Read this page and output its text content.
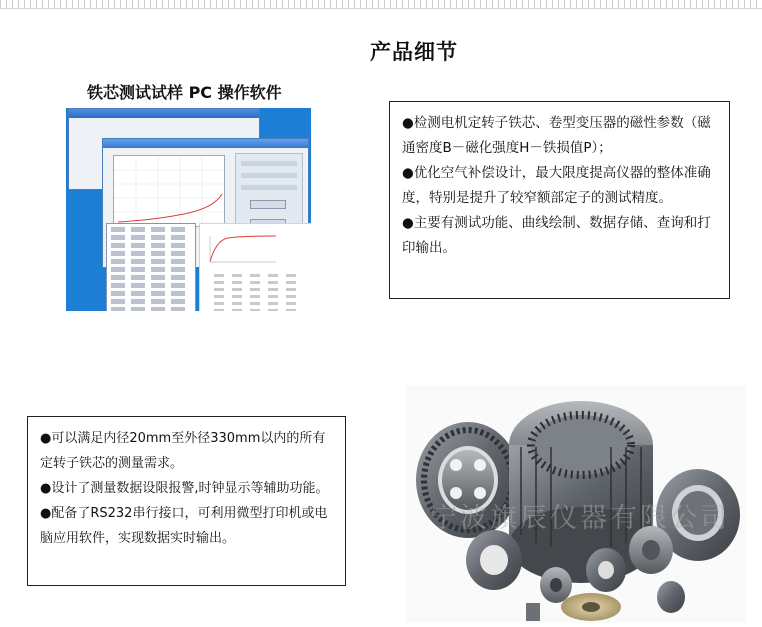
产品细节
铁芯测试试样 PC 操作软件

●检测电机定转子铁芯、卷型变压器的磁性参数（磁通密度B－磁化强度H－铁损值P）；

●优化空气补偿设计，最大限度提高仪器的整体准确度，特别是提升了较窄额部定子的测试精度。

●主要有测试功能、曲线绘制、数据存储、查询和打印输出。

●可以满足内径20mm至外径330mm以内的所有定转子铁芯的测量需求。

●设计了测量数据设限报警,时钟显示等辅助功能。

●配备了RS232串行接口，可利用微型打印机或电脑应用软件，实现数据实时输出。

宁波旗辰仪器有限公司
